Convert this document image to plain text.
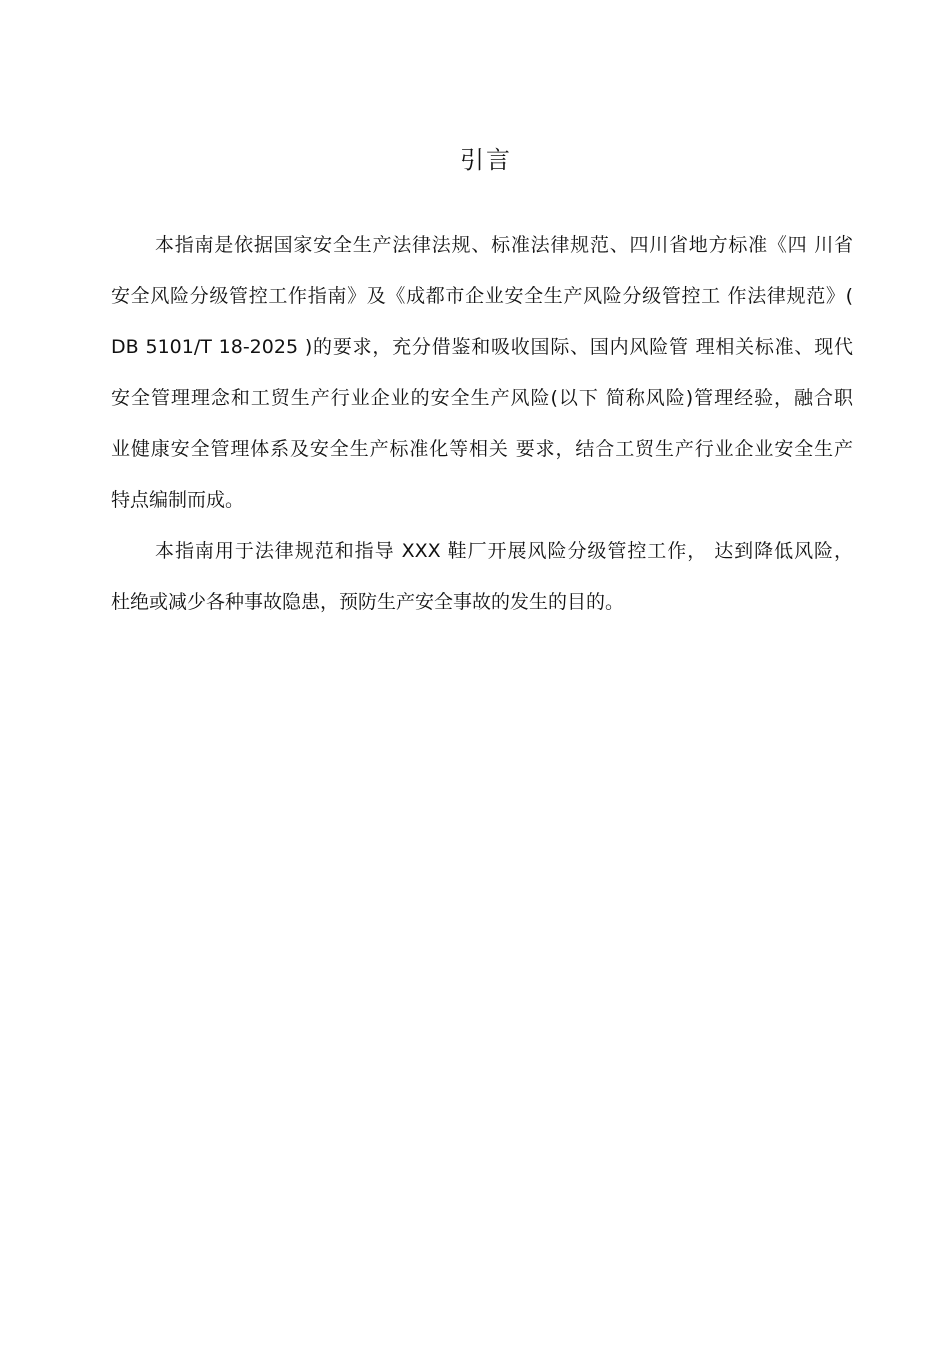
引言
本指南是依据国家安全生产法律法规、标准法律规范、四川省地方标准《四 川省
安全风险分级管控工作指南》及《成都市企业安全生产风险分级管控工 作法律规范》(
DB 5101/T 18-2025 )的要求，充分借鉴和吸收国际、国内风险管 理相关标准、现代
安全管理理念和工贸生产行业企业的安全生产风险(以下 简称风险)管理经验，融合职
业健康安全管理体系及安全生产标准化等相关 要求，结合工贸生产行业企业安全生产
特点编制而成。
本指南用于法律规范和指导 XXX 鞋厂开展风险分级管控工作， 达到降低风险，
杜绝或减少各种事故隐患，预防生产安全事故的发生的目的。
